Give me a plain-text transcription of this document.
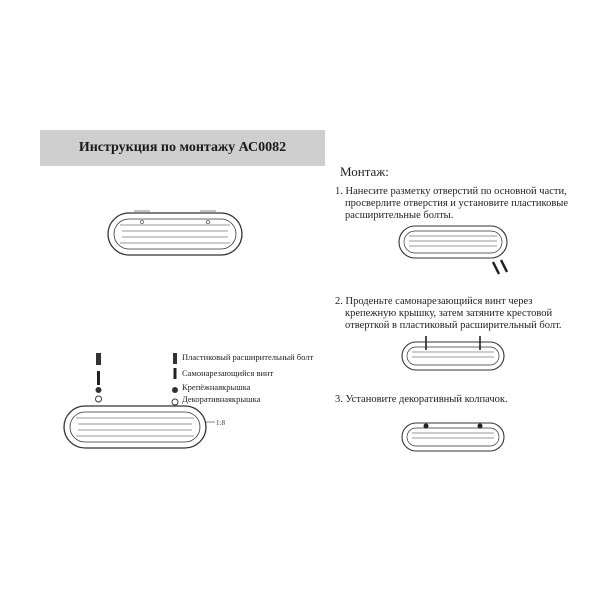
Инструкция по монтажу АС0082
Пластиковый расширительный болт
Самонарезающийся винт
Крепёжнаякрышка
Декоративнаякрышка
1:8
Монтаж:
1. Нанесите разметку отверстий по основной части,
просверлите отверстия и установите пластиковые
расширительные болты.
2. Проденьте самонарезающийся винт через
крепежную крышку, затем затяните крестовой
отверткой в пластиковый расширительный болт.
3. Установите декоративный колпачок.
